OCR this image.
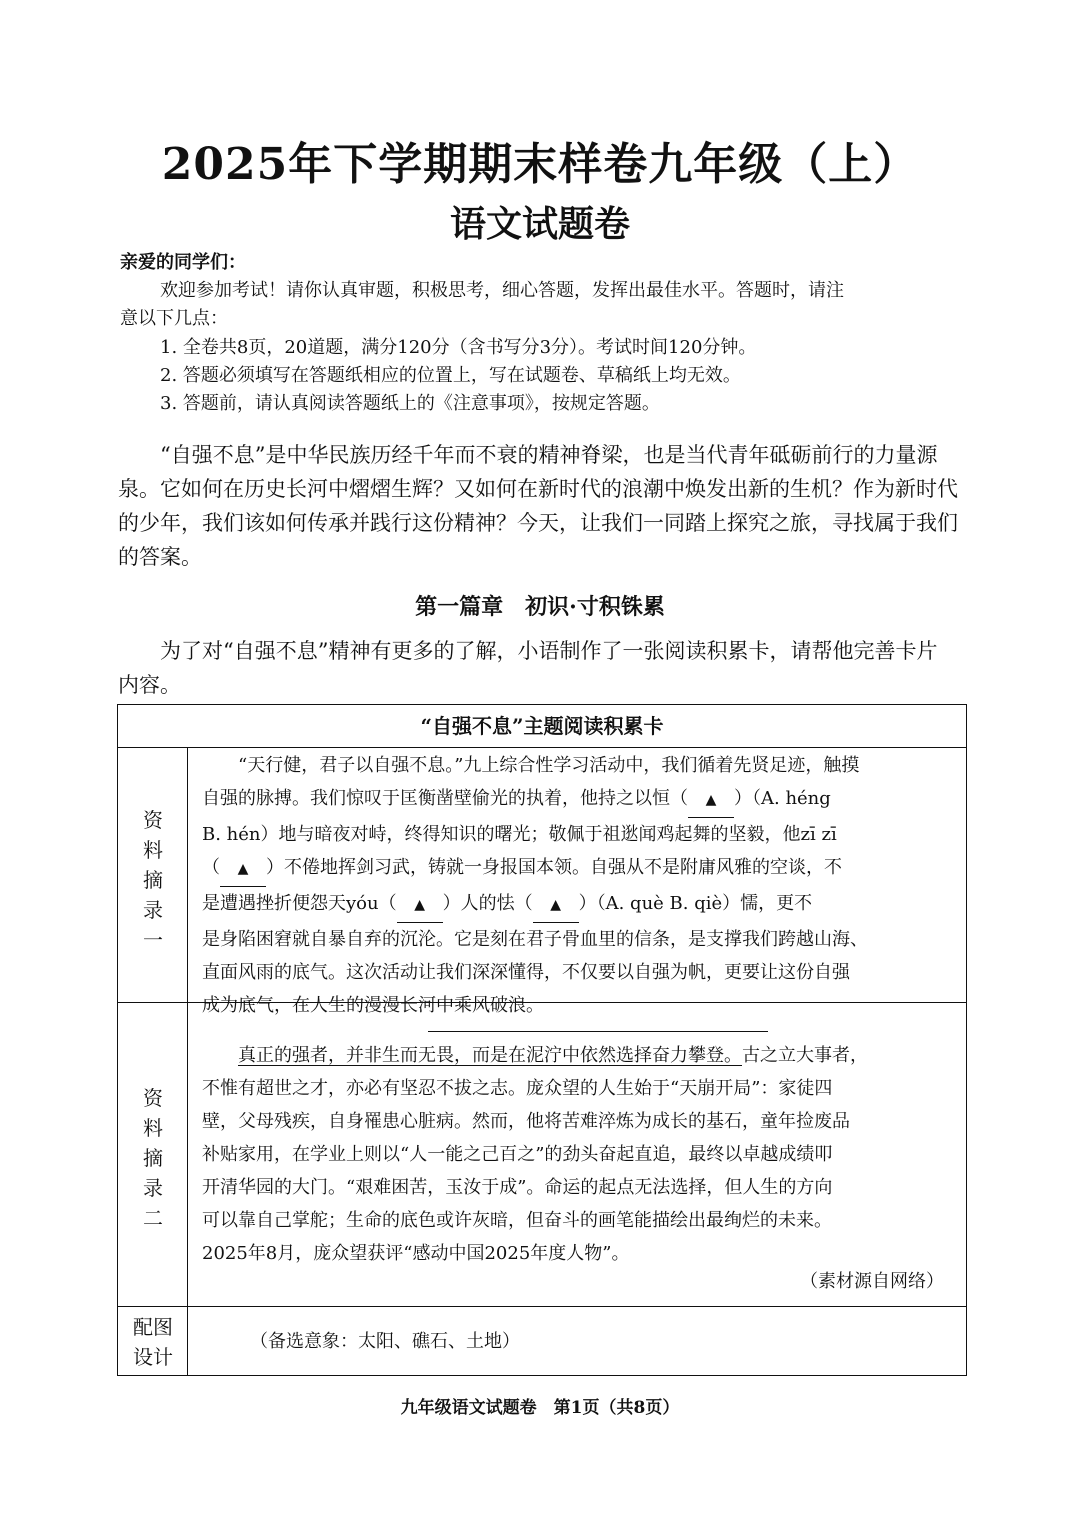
2025年下学期期末样卷九年级（上）
语文试题卷
亲爱的同学们：
欢迎参加考试！请你认真审题，积极思考，细心答题，发挥出最佳水平。答题时，请注
意以下几点：
1. 全卷共8页，20道题，满分120分（含书写分3分）。考试时间120分钟。
2. 答题必须填写在答题纸相应的位置上，写在试题卷、草稿纸上均无效。
3. 答题前，请认真阅读答题纸上的《注意事项》，按规定答题。
“自强不息”是中华民族历经千年而不衰的精神脊梁，也是当代青年砥砺前行的力量源
泉。它如何在历史长河中熠熠生辉？又如何在新时代的浪潮中焕发出新的生机？作为新时代
的少年，我们该如何传承并践行这份精神？今天，让我们一同踏上探究之旅，寻找属于我们
的答案。
第一篇章　初识·寸积铢累
为了对“自强不息”精神有更多的了解，小语制作了一张阅读积累卡，请帮他完善卡片
内容。
“自强不息”主题阅读积累卡
资
料
摘
录
一
“天行健，君子以自强不息。”九上综合性学习活动中，我们循着先贤足迹，触摸
自强的脉搏。我们惊叹于匡衡凿壁偷光的执着，他持之以恒（ ▲ ）（A. héng
B. hén）地与暗夜对峙，终得知识的曙光；敬佩于祖逖闻鸡起舞的坚毅，他zī zī
（ ▲ ）不倦地挥剑习武，铸就一身报国本领。自强从不是附庸风雅的空谈，不
是遭遇挫折便怨天yóu（ ▲ ）人的怯（ ▲ ）（A. què B. qiè）懦，更不
是身陷困窘就自暴自弃的沉沦。它是刻在君子骨血里的信条，是支撑我们跨越山海、
直面风雨的底气。这次活动让我们深深懂得，不仅要以自强为帆，更要让这份自强
成为底气，在人生的漫漫长河中乘风破浪。
资
料
摘
录
二
真正的强者，并非生而无畏，而是在泥泞中依然选择奋力攀登。古之立大事者，
不惟有超世之才，亦必有坚忍不拔之志。庞众望的人生始于“天崩开局”：家徒四
壁，父母残疾，自身罹患心脏病。然而，他将苦难淬炼为成长的基石，童年捡废品
补贴家用，在学业上则以“人一能之己百之”的劲头奋起直追，最终以卓越成绩叩
开清华园的大门。“艰难困苦，玉汝于成”。命运的起点无法选择，但人生的方向
可以靠自己掌舵；生命的底色或许灰暗，但奋斗的画笔能描绘出最绚烂的未来。
2025年8月，庞众望获评“感动中国2025年度人物”。
（素材源自网络）
配图
设计
（备选意象：太阳、礁石、土地）
九年级语文试题卷　第1页（共8页）
